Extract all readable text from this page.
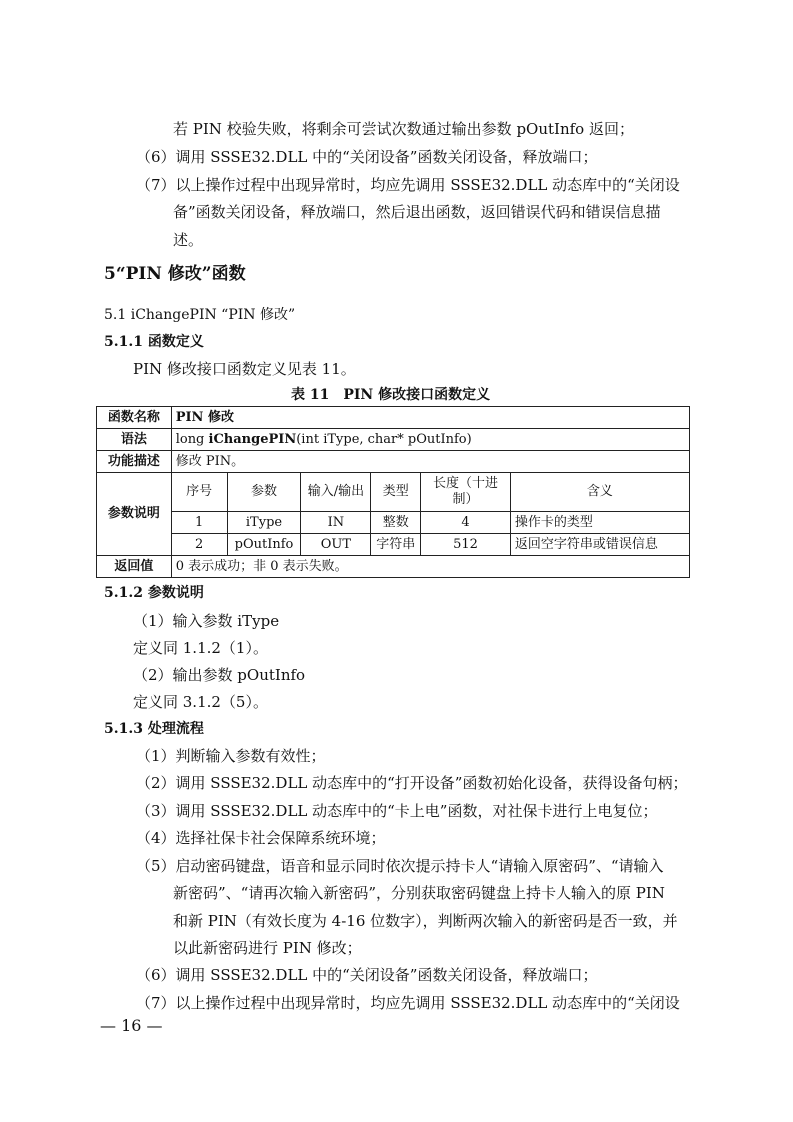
若 PIN 校验失败，将剩余可尝试次数通过输出参数 pOutInfo 返回；
（6）调用 SSSE32.DLL 中的“关闭设备”函数关闭设备，释放端口；
（7）以上操作过程中出现异常时，均应先调用 SSSE32.DLL 动态库中的“关闭设
备”函数关闭设备，释放端口，然后退出函数，返回错误代码和错误信息描
述。
5“PIN 修改”函数
5.1 iChangePIN “PIN 修改”
5.1.1 函数定义
PIN 修改接口函数定义见表 11。
表 11　PIN 修改接口函数定义
函数名称	PIN 修改					
语法	long iChangePIN(int iType, char* pOutInfo)					
功能描述	修改 PIN。					
参数说明	序号	参数	输入/输出	类型	长度（十进制）	含义
	1	iType	IN	整数	4	操作卡的类型
	2	pOutInfo	OUT	字符串	512	返回空字符串或错误信息
返回值	0 表示成功；非 0 表示失败。					
5.1.2 参数说明
（1）输入参数 iType
定义同 1.1.2（1）。
（2）输出参数 pOutInfo
定义同 3.1.2（5）。
5.1.3 处理流程
（1）判断输入参数有效性；
（2）调用 SSSE32.DLL 动态库中的“打开设备”函数初始化设备，获得设备句柄；
（3）调用 SSSE32.DLL 动态库中的“卡上电”函数，对社保卡进行上电复位；
（4）选择社保卡社会保障系统环境；
（5）启动密码键盘，语音和显示同时依次提示持卡人“请输入原密码”、“请输入
新密码”、“请再次输入新密码”，分别获取密码键盘上持卡人输入的原 PIN
和新 PIN（有效长度为 4-16 位数字），判断两次输入的新密码是否一致，并
以此新密码进行 PIN 修改；
（6）调用 SSSE32.DLL 中的“关闭设备”函数关闭设备，释放端口；
（7）以上操作过程中出现异常时，均应先调用 SSSE32.DLL 动态库中的“关闭设
— 16 —
